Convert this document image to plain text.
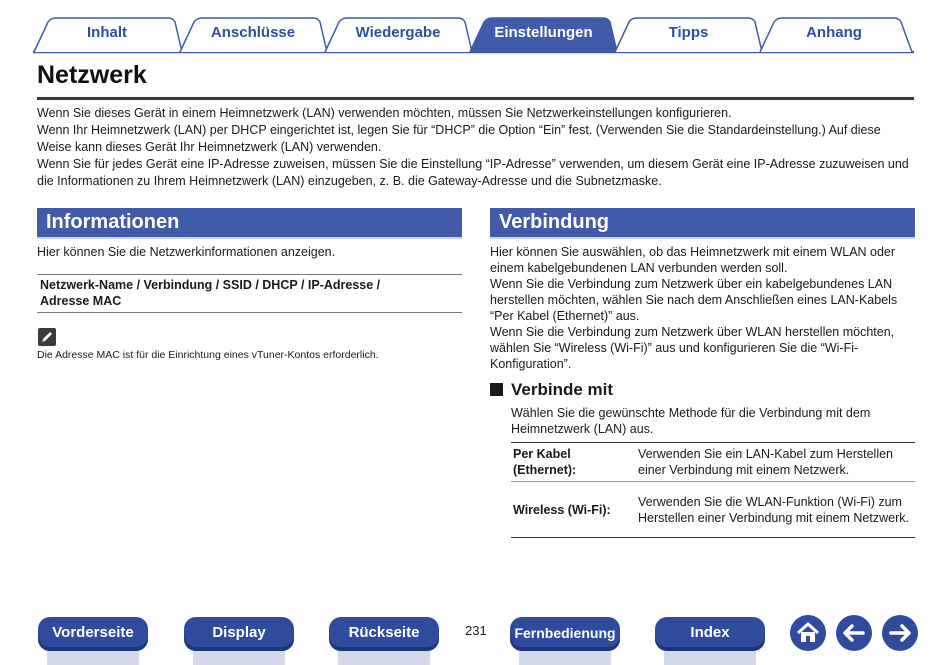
Inhalt	Anschlüsse	Wiedergabe	Einstellungen	Tipps	Anhang
Netzwerk

Wenn Sie dieses Gerät in einem Heimnetzwerk (LAN) verwenden möchten, müssen Sie Netzwerkeinstellungen konfigurieren.

Wenn Ihr Heimnetzwerk (LAN) per DHCP eingerichtet ist, legen Sie für “DHCP” die Option “Ein” fest. (Verwenden Sie die Standardeinstellung.) Auf diese Weise kann dieses Gerät Ihr Heimnetzwerk (LAN) verwenden.

Wenn Sie für jedes Gerät eine IP-Adresse zuweisen, müssen Sie die Einstellung “IP-Adresse” verwenden, um diesem Gerät eine IP-Adresse zuzuweisen und die Informationen zu Ihrem Heimnetzwerk (LAN) einzugeben, z. B. die Gateway-Adresse und die Subnetzmaske.

Informationen
Hier können Sie die Netzwerkinformationen anzeigen.
Netzwerk-Name / Verbindung / SSID / DHCP / IP-Adresse / Adresse MAC
Die Adresse MAC ist für die Einrichtung eines vTuner-Kontos erforderlich.
Verbindung

Hier können Sie auswählen, ob das Heimnetzwerk mit einem WLAN oder einem kabelgebundenen LAN verbunden werden soll.

Wenn Sie die Verbindung zum Netzwerk über ein kabelgebundenes LAN herstellen möchten, wählen Sie nach dem Anschließen eines LAN-Kabels “Per Kabel (Ethernet)” aus.

Wenn Sie die Verbindung zum Netzwerk über WLAN herstellen möchten, wählen Sie “Wireless (Wi-Fi)” aus und konfigurieren Sie die “Wi-Fi-Konfiguration”.

Verbinde mit
Wählen Sie die gewünschte Methode für die Verbindung mit dem Heimnetzwerk (LAN) aus.
Per Kabel (Ethernet):	Verwenden Sie ein LAN-Kabel zum Herstellen einer Verbindung mit einem Netzwerk.
Wireless (Wi-Fi):	Verwenden Sie die WLAN-Funktion (Wi-Fi) zum Herstellen einer Verbindung mit einem Netzwerk.
Vorderseite	Display	Rückseite	231	Fernbedienung	Index
